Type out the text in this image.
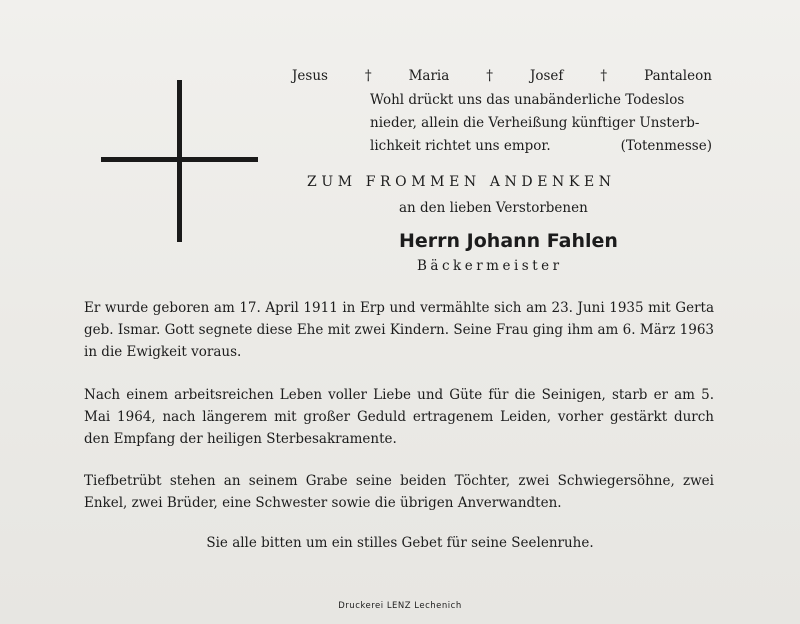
Jesus	†	Maria	†	Josef	†	Pantaleon
Wohl drückt uns das unabänderliche Todeslos
nieder, allein die Verheißung künftiger Unsterb-
lichkeit richtet uns empor.	(Totenmesse)
ZUM FROMMEN ANDENKEN
an den lieben Verstorbenen
Herrn Johann Fahlen
Bäckermeister
Er wurde geboren am 17. April 1911 in Erp und vermählte sich am 23. Juni 1935 mit Gerta geb. Ismar. Gott segnete diese Ehe mit zwei Kindern. Seine Frau ging ihm am 6. März 1963 in die Ewigkeit voraus.
Nach einem arbeitsreichen Leben voller Liebe und Güte für die Seinigen, starb er am 5. Mai 1964, nach längerem mit großer Geduld ertragenem Leiden, vorher gestärkt durch den Empfang der heiligen Sterbesakramente.
Tiefbetrübt stehen an seinem Grabe seine beiden Töchter, zwei Schwiegersöhne, zwei Enkel, zwei Brüder, eine Schwester sowie die übrigen Anverwandten.
Sie alle bitten um ein stilles Gebet für seine Seelenruhe.
Druckerei LENZ Lechenich
